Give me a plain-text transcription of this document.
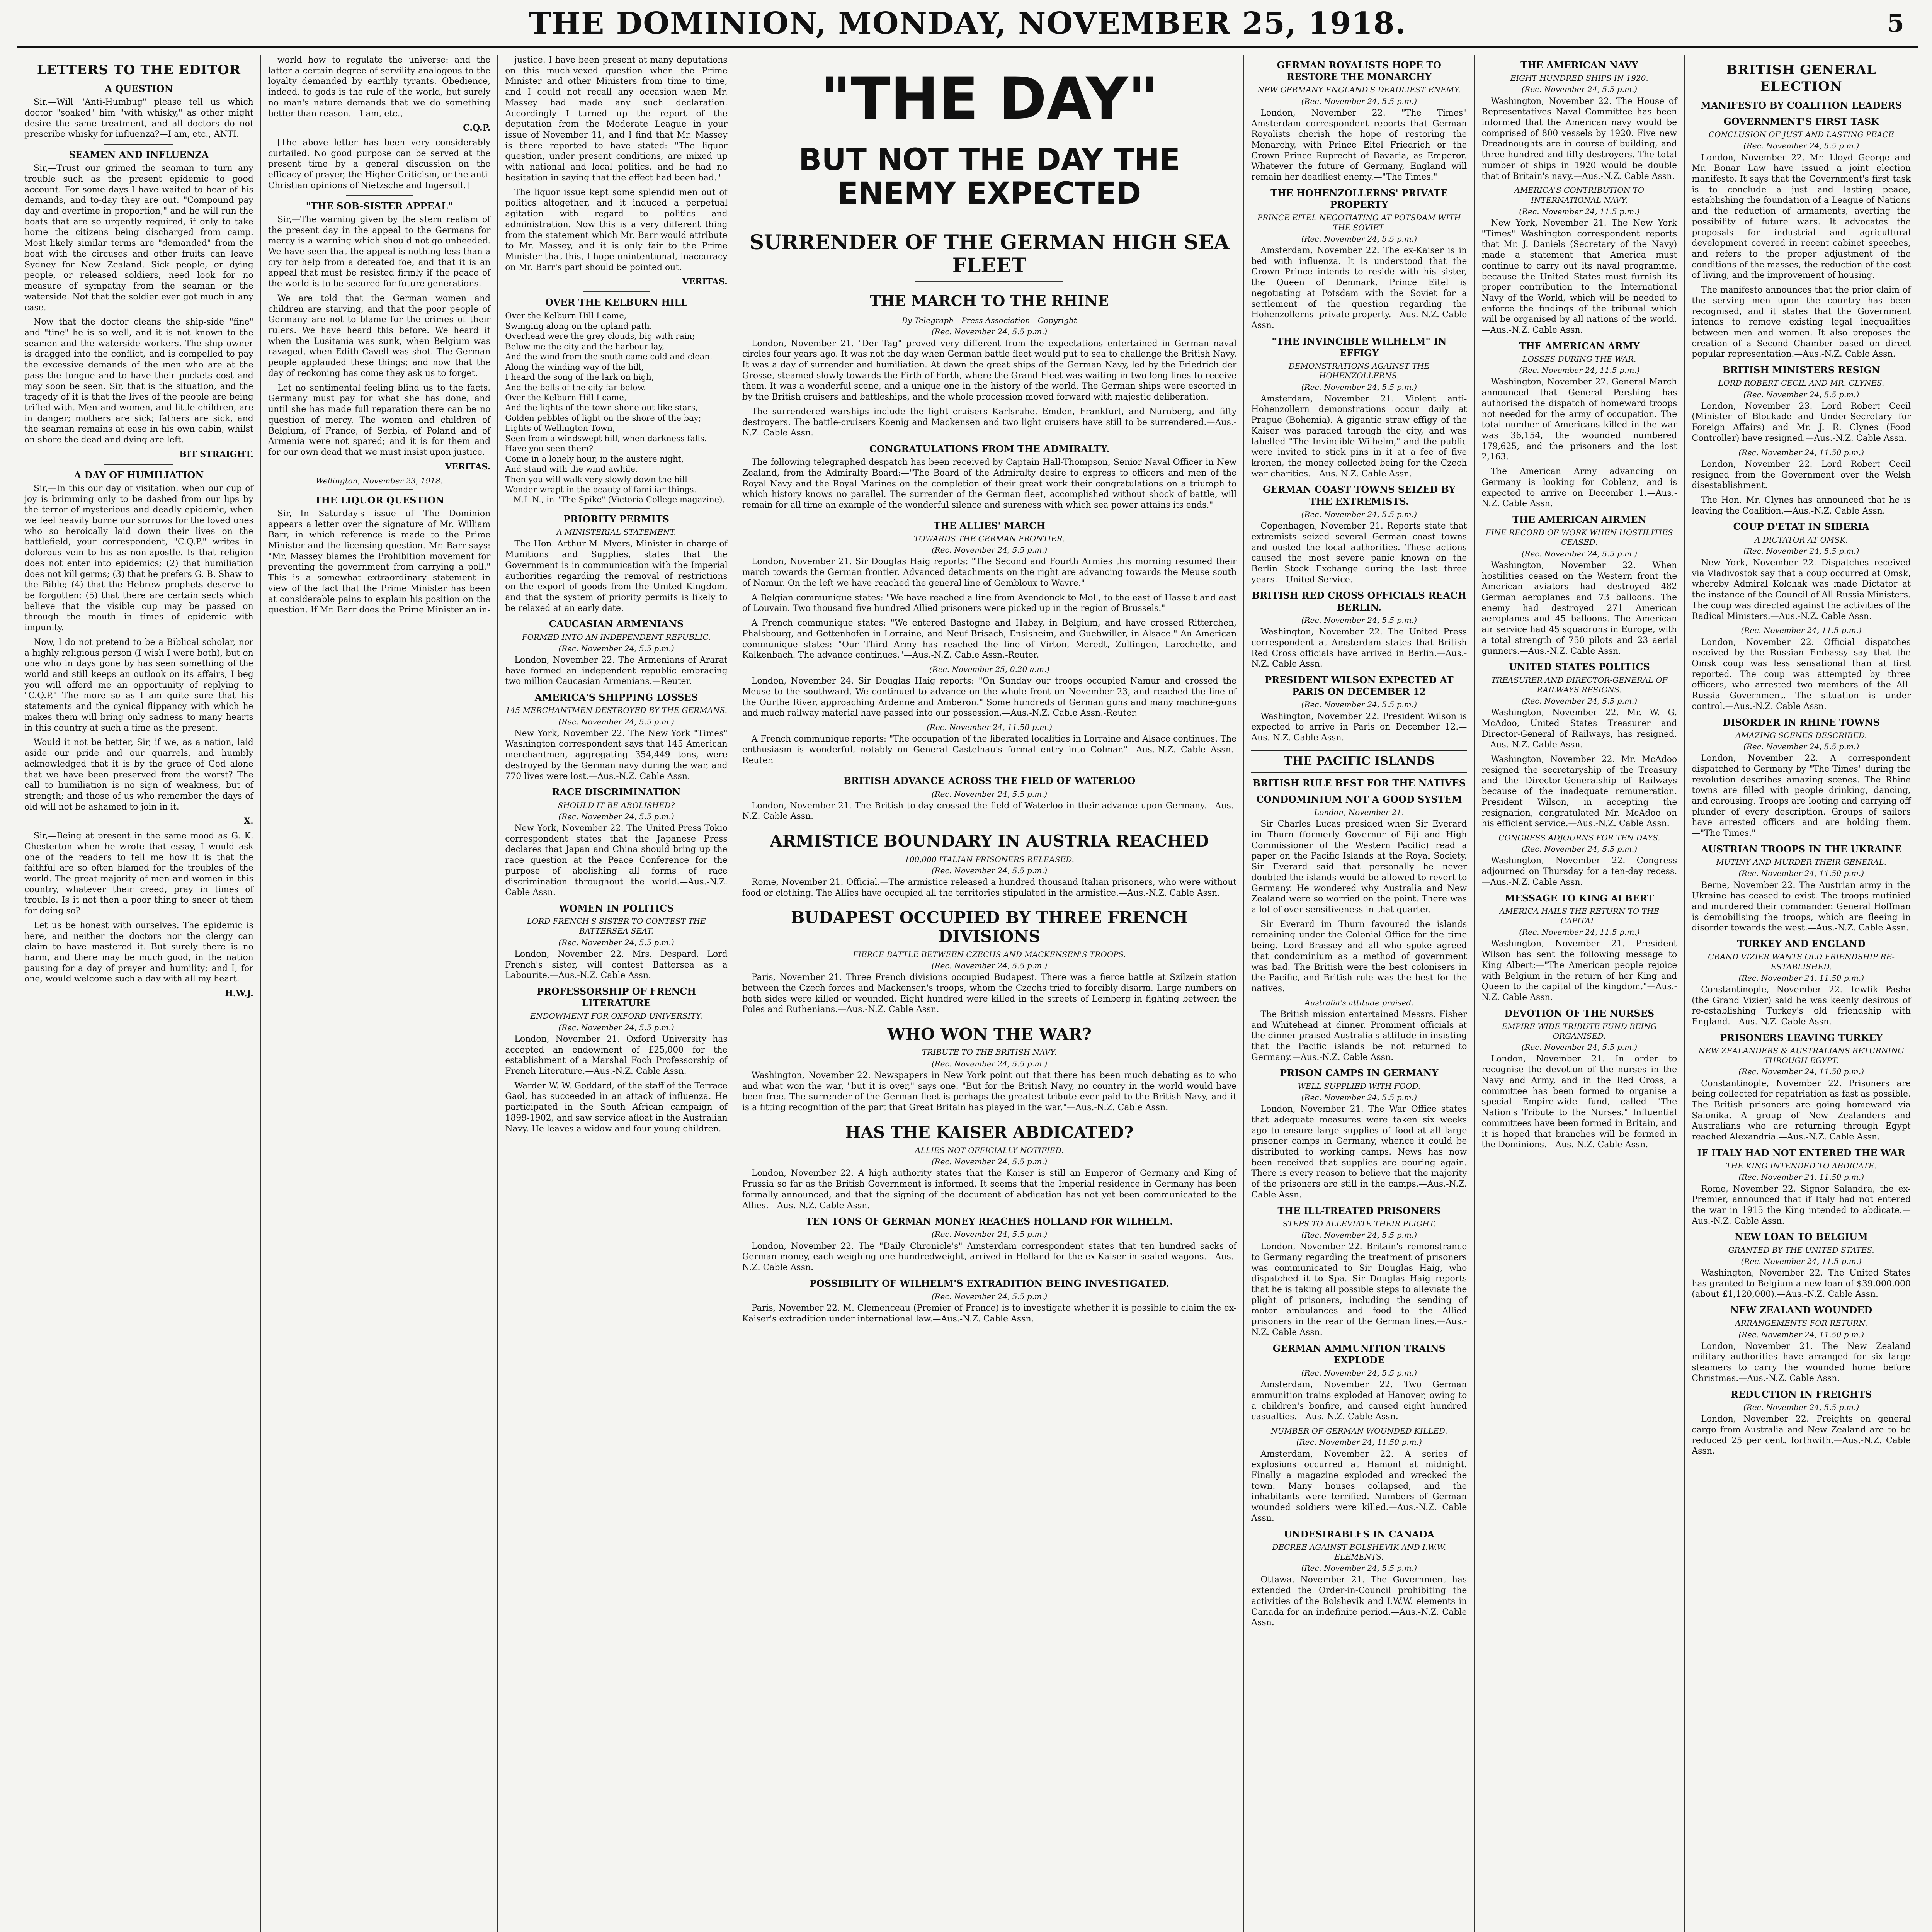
THE DOMINION, MONDAY, NOVEMBER 25, 1918.	5
LETTERS TO THE EDITOR
A QUESTION

Sir,—Will "Anti-Humbug" please tell us which doctor "soaked" him "with whisky," as other might desire the same treatment, and all doctors do not prescribe whisky for influenza?—I am, etc., ANTI.

SEAMEN AND INFLUENZA

Sir,—Trust our grimed the seaman to turn any trouble such as the present epidemic to good account. For some days I have waited to hear of his demands, and to-day they are out. "Compound pay day and overtime in proportion," and he will run the boats that are so urgently required, if only to take home the citizens being discharged from camp. Most likely similar terms are "demanded" from the boat with the circuses and other fruits can leave Sydney for New Zealand. Sick people, or dying people, or released soldiers, need look for no measure of sympathy from the seaman or the waterside. Not that the soldier ever got much in any case.

Now that the doctor cleans the ship-side "fine" and "tine" he is so well, and it is not known to the seamen and the waterside workers. The ship owner is dragged into the conflict, and is compelled to pay the excessive demands of the men who are at the pass the tongue and to have their pockets cost and may soon be seen. Sir, that is the situation, and the tragedy of it is that the lives of the people are being trifled with. Men and women, and little children, are in danger; mothers are sick; fathers are sick, and the seaman remains at ease in his own cabin, whilst on shore the dead and dying are left.

BIT STRAIGHT.
A DAY OF HUMILIATION

Sir,—In this our day of visitation, when our cup of joy is brimming only to be dashed from our lips by the terror of mysterious and deadly epidemic, when we feel heavily borne our sorrows for the loved ones who so heroically laid down their lives on the battlefield, your correspondent, "C.Q.P." writes in dolorous vein to his as non-apostle. Is that religion does not enter into epidemics; (2) that humiliation does not kill germs; (3) that he prefers G. B. Shaw to the Bible; (4) that the Hebrew prophets deserve to be forgotten; (5) that there are certain sects which believe that the visible cup may be passed on through the mouth in times of epidemic with impunity.

Now, I do not pretend to be a Biblical scholar, nor a highly religious person (I wish I were both), but on one who in days gone by has seen something of the world and still keeps an outlook on its affairs, I beg you will afford me an opportunity of replying to "C.Q.P." The more so as I am quite sure that his statements and the cynical flippancy with which he makes them will bring only sadness to many hearts in this country at such a time as the present.

Would it not be better, Sir, if we, as a nation, laid aside our pride and our quarrels, and humbly acknowledged that it is by the grace of God alone that we have been preserved from the worst? The call to humiliation is no sign of weakness, but of strength; and those of us who remember the days of old will not be ashamed to join in it.

X.

Sir,—Being at present in the same mood as G. K. Chesterton when he wrote that essay, I would ask one of the readers to tell me how it is that the faithful are so often blamed for the troubles of the world. The great majority of men and women in this country, whatever their creed, pray in times of trouble. Is it not then a poor thing to sneer at them for doing so?

Let us be honest with ourselves. The epidemic is here, and neither the doctors nor the clergy can claim to have mastered it. But surely there is no harm, and there may be much good, in the nation pausing for a day of prayer and humility; and I, for one, would welcome such a day with all my heart.

H.W.J.

world how to regulate the universe: and the latter a certain degree of servility analogous to the loyalty demanded by earthly tyrants. Obedience, indeed, to gods is the rule of the world, but surely no man's nature demands that we do something better than reason.—I am, etc.,

C.Q.P.

[The above letter has been very considerably curtailed. No good purpose can be served at the present time by a general discussion on the efficacy of prayer, the Higher Criticism, or the anti-Christian opinions of Nietzsche and Ingersoll.]

"THE SOB-SISTER APPEAL"

Sir,—The warning given by the stern realism of the present day in the appeal to the Germans for mercy is a warning which should not go unheeded. We have seen that the appeal is nothing less than a cry for help from a defeated foe, and that it is an appeal that must be resisted firmly if the peace of the world is to be secured for future generations.

We are told that the German women and children are starving, and that the poor people of Germany are not to blame for the crimes of their rulers. We have heard this before. We heard it when the Lusitania was sunk, when Belgium was ravaged, when Edith Cavell was shot. The German people applauded these things; and now that the day of reckoning has come they ask us to forget.

Let no sentimental feeling blind us to the facts. Germany must pay for what she has done, and until she has made full reparation there can be no question of mercy. The women and children of Belgium, of France, of Serbia, of Poland and of Armenia were not spared; and it is for them and for our own dead that we must insist upon justice.

VERITAS.
Wellington, November 23, 1918.
THE LIQUOR QUESTION

Sir,—In Saturday's issue of The Dominion appears a letter over the signature of Mr. William Barr, in which reference is made to the Prime Minister and the licensing question. Mr. Barr says: "Mr. Massey blames the Prohibition movement for preventing the government from carrying a poll." This is a somewhat extraordinary statement in view of the fact that the Prime Minister has been at considerable pains to explain his position on the question. If Mr. Barr does the Prime Minister an in-

justice. I have been present at many deputations on this much-vexed question when the Prime Minister and other Ministers from time to time, and I could not recall any occasion when Mr. Massey had made any such declaration. Accordingly I turned up the report of the deputation from the Moderate League in your issue of November 11, and I find that Mr. Massey is there reported to have stated: "The liquor question, under present conditions, are mixed up with national and local politics, and he had no hesitation in saying that the effect had been bad."

The liquor issue kept some splendid men out of politics altogether, and it induced a perpetual agitation with regard to politics and administration. Now this is a very different thing from the statement which Mr. Barr would attribute to Mr. Massey, and it is only fair to the Prime Minister that this, I hope unintentional, inaccuracy on Mr. Barr's part should be pointed out.

VERITAS.
OVER THE KELBURN HILL
Over the Kelburn Hill I came,
Swinging along on the upland path.
Overhead were the grey clouds, big with rain;
Below me the city and the harbour lay,
And the wind from the south came cold and clean.
Along the winding way of the hill,
I heard the song of the lark on high,
And the bells of the city far below.
Over the Kelburn Hill I came,
And the lights of the town shone out like stars,
Golden pebbles of light on the shore of the bay;
Lights of Wellington Town,
Seen from a windswept hill, when darkness falls.
Have you seen them?
Come in a lonely hour, in the austere night,
And stand with the wind awhile.
Then you will walk very slowly down the hill
Wonder-wrapt in the beauty of familiar things.
—M.L.N., in "The Spike" (Victoria College magazine).
PRIORITY PERMITS
A MINISTERIAL STATEMENT.

The Hon. Arthur M. Myers, Minister in charge of Munitions and Supplies, states that the Government is in communication with the Imperial authorities regarding the removal of restrictions on the export of goods from the United Kingdom, and that the system of priority permits is likely to be relaxed at an early date.

CAUCASIAN ARMENIANS
FORMED INTO AN INDEPENDENT REPUBLIC.
(Rec. November 24, 5.5 p.m.)

London, November 22. The Armenians of Ararat have formed an independent republic embracing two million Caucasian Armenians.—Reuter.

AMERICA'S SHIPPING LOSSES
145 MERCHANTMEN DESTROYED BY THE GERMANS.
(Rec. November 24, 5.5 p.m.)

New York, November 22. The New York "Times" Washington correspondent says that 145 American merchantmen, aggregating 354,449 tons, were destroyed by the German navy during the war, and 770 lives were lost.—Aus.-N.Z. Cable Assn.

RACE DISCRIMINATION
SHOULD IT BE ABOLISHED?
(Rec. November 24, 5.5 p.m.)

New York, November 22. The United Press Tokio correspondent states that the Japanese Press declares that Japan and China should bring up the race question at the Peace Conference for the purpose of abolishing all forms of race discrimination throughout the world.—Aus.-N.Z. Cable Assn.

WOMEN IN POLITICS
LORD FRENCH'S SISTER TO CONTEST THE BATTERSEA SEAT.
(Rec. November 24, 5.5 p.m.)

London, November 22. Mrs. Despard, Lord French's sister, will contest Battersea as a Labourite.—Aus.-N.Z. Cable Assn.

PROFESSORSHIP OF FRENCH LITERATURE
ENDOWMENT FOR OXFORD UNIVERSITY.
(Rec. November 24, 5.5 p.m.)

London, November 21. Oxford University has accepted an endowment of £25,000 for the establishment of a Marshal Foch Professorship of French Literature.—Aus.-N.Z. Cable Assn.

Warder W. W. Goddard, of the staff of the Terrace Gaol, has succeeded in an attack of influenza. He participated in the South African campaign of 1899-1902, and saw service afloat in the Australian Navy. He leaves a widow and four young children.

"THE DAY"
BUT NOT THE DAY THE ENEMY EXPECTED
SURRENDER OF THE GERMAN HIGH SEA FLEET
THE MARCH TO THE RHINE
By Telegraph—Press Association—Copyright
(Rec. November 24, 5.5 p.m.)

London, November 21. "Der Tag" proved very different from the expectations entertained in German naval circles four years ago. It was not the day when German battle fleet would put to sea to challenge the British Navy. It was a day of surrender and humiliation. At dawn the great ships of the German Navy, led by the Friedrich der Grosse, steamed slowly towards the Firth of Forth, where the Grand Fleet was waiting in two long lines to receive them. It was a wonderful scene, and a unique one in the history of the world. The German ships were escorted in by the British cruisers and battleships, and the whole procession moved forward with majestic deliberation.

The surrendered warships include the light cruisers Karlsruhe, Emden, Frankfurt, and Nurnberg, and fifty destroyers. The battle-cruisers Koenig and Mackensen and two light cruisers have still to be surrendered.—Aus.-N.Z. Cable Assn.

CONGRATULATIONS FROM THE ADMIRALTY.

The following telegraphed despatch has been received by Captain Hall-Thompson, Senior Naval Officer in New Zealand, from the Admiralty Board:—"The Board of the Admiralty desire to express to officers and men of the Royal Navy and the Royal Marines on the completion of their great work their congratulations on a triumph to which history knows no parallel. The surrender of the German fleet, accomplished without shock of battle, will remain for all time an example of the wonderful silence and sureness with which sea power attains its ends."

THE ALLIES' MARCH
TOWARDS THE GERMAN FRONTIER.
(Rec. November 24, 5.5 p.m.)

London, November 21. Sir Douglas Haig reports: "The Second and Fourth Armies this morning resumed their march towards the German frontier. Advanced detachments on the right are advancing towards the Meuse south of Namur. On the left we have reached the general line of Gembloux to Wavre."

A Belgian communique states: "We have reached a line from Avendonck to Moll, to the east of Hasselt and east of Louvain. Two thousand five hundred Allied prisoners were picked up in the region of Brussels."

A French communique states: "We entered Bastogne and Habay, in Belgium, and have crossed Ritterchen, Phalsbourg, and Gottenhofen in Lorraine, and Neuf Brisach, Ensisheim, and Guebwiller, in Alsace." An American communique states: "Our Third Army has reached the line of Virton, Meredt, Zolfingen, Larochette, and Kalkenbach. The advance continues."—Aus.-N.Z. Cable Assn.-Reuter.

(Rec. November 25, 0.20 a.m.)

London, November 24. Sir Douglas Haig reports: "On Sunday our troops occupied Namur and crossed the Meuse to the southward. We continued to advance on the whole front on November 23, and reached the line of the Ourthe River, approaching Ardenne and Amberon." Some hundreds of German guns and many machine-guns and much railway material have passed into our possession.—Aus.-N.Z. Cable Assn.-Reuter.

(Rec. November 24, 11.50 p.m.)

A French communique reports: "The occupation of the liberated localities in Lorraine and Alsace continues. The enthusiasm is wonderful, notably on General Castelnau's formal entry into Colmar."—Aus.-N.Z. Cable Assn.-Reuter.

BRITISH ADVANCE ACROSS THE FIELD OF WATERLOO
(Rec. November 24, 5.5 p.m.)

London, November 21. The British to-day crossed the field of Waterloo in their advance upon Germany.—Aus.-N.Z. Cable Assn.

ARMISTICE BOUNDARY IN AUSTRIA REACHED
100,000 ITALIAN PRISONERS RELEASED.
(Rec. November 24, 5.5 p.m.)

Rome, November 21. Official.—The armistice released a hundred thousand Italian prisoners, who were without food or clothing. The Allies have occupied all the territories stipulated in the armistice.—Aus.-N.Z. Cable Assn.

BUDAPEST OCCUPIED BY THREE FRENCH DIVISIONS
FIERCE BATTLE BETWEEN CZECHS AND MACKENSEN'S TROOPS.
(Rec. November 24, 5.5 p.m.)

Paris, November 21. Three French divisions occupied Budapest. There was a fierce battle at Szilzein station between the Czech forces and Mackensen's troops, whom the Czechs tried to forcibly disarm. Large numbers on both sides were killed or wounded. Eight hundred were killed in the streets of Lemberg in fighting between the Poles and Ruthenians.—Aus.-N.Z. Cable Assn.

WHO WON THE WAR?
TRIBUTE TO THE BRITISH NAVY.
(Rec. November 24, 5.5 p.m.)

Washington, November 22. Newspapers in New York point out that there has been much debating as to who and what won the war, "but it is over," says one. "But for the British Navy, no country in the world would have been free. The surrender of the German fleet is perhaps the greatest tribute ever paid to the British Navy, and it is a fitting recognition of the part that Great Britain has played in the war."—Aus.-N.Z. Cable Assn.

HAS THE KAISER ABDICATED?
ALLIES NOT OFFICIALLY NOTIFIED.
(Rec. November 24, 5.5 p.m.)

London, November 22. A high authority states that the Kaiser is still an Emperor of Germany and King of Prussia so far as the British Government is informed. It seems that the Imperial residence in Germany has been formally announced, and that the signing of the document of abdication has not yet been communicated to the Allies.—Aus.-N.Z. Cable Assn.

TEN TONS OF GERMAN MONEY REACHES HOLLAND FOR WILHELM.
(Rec. November 24, 5.5 p.m.)

London, November 22. The "Daily Chronicle's" Amsterdam correspondent states that ten hundred sacks of German money, each weighing one hundredweight, arrived in Holland for the ex-Kaiser in sealed wagons.—Aus.-N.Z. Cable Assn.

POSSIBILITY OF WILHELM'S EXTRADITION BEING INVESTIGATED.
(Rec. November 24, 5.5 p.m.)

Paris, November 22. M. Clemenceau (Premier of France) is to investigate whether it is possible to claim the ex-Kaiser's extradition under international law.—Aus.-N.Z. Cable Assn.

GERMAN ROYALISTS HOPE TO RESTORE THE MONARCHY
NEW GERMANY ENGLAND'S DEADLIEST ENEMY.
(Rec. November 24, 5.5 p.m.)

London, November 22. "The Times" Amsterdam correspondent reports that German Royalists cherish the hope of restoring the Monarchy, with Prince Eitel Friedrich or the Crown Prince Ruprecht of Bavaria, as Emperor. Whatever the future of Germany, England will remain her deadliest enemy.—"The Times."

THE HOHENZOLLERNS' PRIVATE PROPERTY
PRINCE EITEL NEGOTIATING AT POTSDAM WITH THE SOVIET.
(Rec. November 24, 5.5 p.m.)

Amsterdam, November 22. The ex-Kaiser is in bed with influenza. It is understood that the Crown Prince intends to reside with his sister, the Queen of Denmark. Prince Eitel is negotiating at Potsdam with the Soviet for a settlement of the question regarding the Hohenzollerns' private property.—Aus.-N.Z. Cable Assn.

"THE INVINCIBLE WILHELM" IN EFFIGY
DEMONSTRATIONS AGAINST THE HOHENZOLLERNS.
(Rec. November 24, 5.5 p.m.)

Amsterdam, November 21. Violent anti-Hohenzollern demonstrations occur daily at Prague (Bohemia). A gigantic straw effigy of the Kaiser was paraded through the city, and was labelled "The Invincible Wilhelm," and the public were invited to stick pins in it at a fee of five kronen, the money collected being for the Czech war charities.—Aus.-N.Z. Cable Assn.

GERMAN COAST TOWNS SEIZED BY THE EXTREMISTS.
(Rec. November 24, 5.5 p.m.)

Copenhagen, November 21. Reports state that extremists seized several German coast towns and ousted the local authorities. These actions caused the most severe panic known on the Berlin Stock Exchange during the last three years.—United Service.

BRITISH RED CROSS OFFICIALS REACH BERLIN.
(Rec. November 24, 5.5 p.m.)

Washington, November 22. The United Press correspondent at Amsterdam states that British Red Cross officials have arrived in Berlin.—Aus.-N.Z. Cable Assn.

PRESIDENT WILSON EXPECTED AT PARIS ON DECEMBER 12
(Rec. November 24, 5.5 p.m.)

Washington, November 22. President Wilson is expected to arrive in Paris on December 12.—Aus.-N.Z. Cable Assn.

THE PACIFIC ISLANDS
BRITISH RULE BEST FOR THE NATIVES
CONDOMINIUM NOT A GOOD SYSTEM
London, November 21.

Sir Charles Lucas presided when Sir Everard im Thurn (formerly Governor of Fiji and High Commissioner of the Western Pacific) read a paper on the Pacific Islands at the Royal Society. Sir Everard said that personally he never doubted the islands would be allowed to revert to Germany. He wondered why Australia and New Zealand were so worried on the point. There was a lot of over-sensitiveness in that quarter.

Sir Everard im Thurn favoured the islands remaining under the Colonial Office for the time being. Lord Brassey and all who spoke agreed that condominium as a method of government was bad. The British were the best colonisers in the Pacific, and British rule was the best for the natives.

Australia's attitude praised.

The British mission entertained Messrs. Fisher and Whitehead at dinner. Prominent officials at the dinner praised Australia's attitude in insisting that the Pacific islands be not returned to Germany.—Aus.-N.Z. Cable Assn.

PRISON CAMPS IN GERMANY
WELL SUPPLIED WITH FOOD.
(Rec. November 24, 5.5 p.m.)

London, November 21. The War Office states that adequate measures were taken six weeks ago to ensure large supplies of food at all large prisoner camps in Germany, whence it could be distributed to working camps. News has now been received that supplies are pouring again. There is every reason to believe that the majority of the prisoners are still in the camps.—Aus.-N.Z. Cable Assn.

THE ILL-TREATED PRISONERS
STEPS TO ALLEVIATE THEIR PLIGHT.
(Rec. November 24, 5.5 p.m.)

London, November 22. Britain's remonstrance to Germany regarding the treatment of prisoners was communicated to Sir Douglas Haig, who dispatched it to Spa. Sir Douglas Haig reports that he is taking all possible steps to alleviate the plight of prisoners, including the sending of motor ambulances and food to the Allied prisoners in the rear of the German lines.—Aus.-N.Z. Cable Assn.

GERMAN AMMUNITION TRAINS EXPLODE
(Rec. November 24, 5.5 p.m.)

Amsterdam, November 22. Two German ammunition trains exploded at Hanover, owing to a children's bonfire, and caused eight hundred casualties.—Aus.-N.Z. Cable Assn.

NUMBER OF GERMAN WOUNDED KILLED.
(Rec. November 24, 11.50 p.m.)

Amsterdam, November 22. A series of explosions occurred at Hamont at midnight. Finally a magazine exploded and wrecked the town. Many houses collapsed, and the inhabitants were terrified. Numbers of German wounded soldiers were killed.—Aus.-N.Z. Cable Assn.

UNDESIRABLES IN CANADA
DECREE AGAINST BOLSHEVIK AND I.W.W. ELEMENTS.
(Rec. November 24, 5.5 p.m.)

Ottawa, November 21. The Government has extended the Order-in-Council prohibiting the activities of the Bolshevik and I.W.W. elements in Canada for an indefinite period.—Aus.-N.Z. Cable Assn.

THE AMERICAN NAVY
EIGHT HUNDRED SHIPS IN 1920.
(Rec. November 24, 5.5 p.m.)

Washington, November 22. The House of Representatives Naval Committee has been informed that the American navy would be comprised of 800 vessels by 1920. Five new Dreadnoughts are in course of building, and three hundred and fifty destroyers. The total number of ships in 1920 would be double that of Britain's navy.—Aus.-N.Z. Cable Assn.

AMERICA'S CONTRIBUTION TO INTERNATIONAL NAVY.
(Rec. November 24, 11.5 p.m.)

New York, November 21. The New York "Times" Washington correspondent reports that Mr. J. Daniels (Secretary of the Navy) made a statement that America must continue to carry out its naval programme, because the United States must furnish its proper contribution to the International Navy of the World, which will be needed to enforce the findings of the tribunal which will be organised by all nations of the world.—Aus.-N.Z. Cable Assn.

THE AMERICAN ARMY
LOSSES DURING THE WAR.
(Rec. November 24, 11.5 p.m.)

Washington, November 22. General March announced that General Pershing has authorised the dispatch of homeward troops not needed for the army of occupation. The total number of Americans killed in the war was 36,154, the wounded numbered 179,625, and the prisoners and the lost 2,163.

The American Army advancing on Germany is looking for Coblenz, and is expected to arrive on December 1.—Aus.-N.Z. Cable Assn.

THE AMERICAN AIRMEN
FINE RECORD OF WORK WHEN HOSTILITIES CEASED.
(Rec. November 24, 5.5 p.m.)

Washington, November 22. When hostilities ceased on the Western front the American aviators had destroyed 482 German aeroplanes and 73 balloons. The enemy had destroyed 271 American aeroplanes and 45 balloons. The American air service had 45 squadrons in Europe, with a total strength of 750 pilots and 23 aerial gunners.—Aus.-N.Z. Cable Assn.

UNITED STATES POLITICS
TREASURER AND DIRECTOR-GENERAL OF RAILWAYS RESIGNS.
(Rec. November 24, 5.5 p.m.)

Washington, November 22. Mr. W. G. McAdoo, United States Treasurer and Director-General of Railways, has resigned.—Aus.-N.Z. Cable Assn.

Washington, November 22. Mr. McAdoo resigned the secretaryship of the Treasury and the Director-Generalship of Railways because of the inadequate remuneration. President Wilson, in accepting the resignation, congratulated Mr. McAdoo on his efficient service.—Aus.-N.Z. Cable Assn.

CONGRESS ADJOURNS FOR TEN DAYS.
(Rec. November 24, 5.5 p.m.)

Washington, November 22. Congress adjourned on Thursday for a ten-day recess.—Aus.-N.Z. Cable Assn.

MESSAGE TO KING ALBERT
AMERICA HAILS THE RETURN TO THE CAPITAL.
(Rec. November 24, 11.5 p.m.)

Washington, November 21. President Wilson has sent the following message to King Albert:—"The American people rejoice with Belgium in the return of her King and Queen to the capital of the kingdom."—Aus.-N.Z. Cable Assn.

DEVOTION OF THE NURSES
EMPIRE-WIDE TRIBUTE FUND BEING ORGANISED.
(Rec. November 24, 5.5 p.m.)

London, November 21. In order to recognise the devotion of the nurses in the Navy and Army, and in the Red Cross, a committee has been formed to organise a special Empire-wide fund, called "The Nation's Tribute to the Nurses." Influential committees have been formed in Britain, and it is hoped that branches will be formed in the Dominions.—Aus.-N.Z. Cable Assn.

BRITISH GENERAL ELECTION
MANIFESTO BY COALITION LEADERS
GOVERNMENT'S FIRST TASK
CONCLUSION OF JUST AND LASTING PEACE
(Rec. November 24, 5.5 p.m.)

London, November 22. Mr. Lloyd George and Mr. Bonar Law have issued a joint election manifesto. It says that the Government's first task is to conclude a just and lasting peace, establishing the foundation of a League of Nations and the reduction of armaments, averting the possibility of future wars. It advocates the proposals for industrial and agricultural development covered in recent cabinet speeches, and refers to the proper adjustment of the conditions of the masses, the reduction of the cost of living, and the improvement of housing.

The manifesto announces that the prior claim of the serving men upon the country has been recognised, and it states that the Government intends to remove existing legal inequalities between men and women. It also proposes the creation of a Second Chamber based on direct popular representation.—Aus.-N.Z. Cable Assn.

BRITISH MINISTERS RESIGN
LORD ROBERT CECIL AND MR. CLYNES.
(Rec. November 24, 5.5 p.m.)

London, November 23. Lord Robert Cecil (Minister of Blockade and Under-Secretary for Foreign Affairs) and Mr. J. R. Clynes (Food Controller) have resigned.—Aus.-N.Z. Cable Assn.

(Rec. November 24, 11.50 p.m.)

London, November 22. Lord Robert Cecil resigned from the Government over the Welsh disestablishment.

The Hon. Mr. Clynes has announced that he is leaving the Coalition.—Aus.-N.Z. Cable Assn.

COUP D'ETAT IN SIBERIA
A DICTATOR AT OMSK.
(Rec. November 24, 5.5 p.m.)

New York, November 22. Dispatches received via Vladivostok say that a coup occurred at Omsk, whereby Admiral Kolchak was made Dictator at the instance of the Council of All-Russia Ministers. The coup was directed against the activities of the Radical Ministers.—Aus.-N.Z. Cable Assn.

(Rec. November 24, 11.5 p.m.)

London, November 22. Official dispatches received by the Russian Embassy say that the Omsk coup was less sensational than at first reported. The coup was attempted by three officers, who arrested two members of the All-Russia Government. The situation is under control.—Aus.-N.Z. Cable Assn.

DISORDER IN RHINE TOWNS
AMAZING SCENES DESCRIBED.
(Rec. November 24, 5.5 p.m.)

London, November 22. A correspondent dispatched to Germany by "The Times" during the revolution describes amazing scenes. The Rhine towns are filled with people drinking, dancing, and carousing. Troops are looting and carrying off plunder of every description. Groups of sailors have arrested officers and are holding them.—"The Times."

AUSTRIAN TROOPS IN THE UKRAINE
MUTINY AND MURDER THEIR GENERAL.
(Rec. November 24, 11.50 p.m.)

Berne, November 22. The Austrian army in the Ukraine has ceased to exist. The troops mutinied and murdered their commander. General Hoffman is demobilising the troops, which are fleeing in disorder towards the west.—Aus.-N.Z. Cable Assn.

TURKEY AND ENGLAND
GRAND VIZIER WANTS OLD FRIENDSHIP RE-ESTABLISHED.
(Rec. November 24, 11.50 p.m.)

Constantinople, November 22. Tewfik Pasha (the Grand Vizier) said he was keenly desirous of re-establishing Turkey's old friendship with England.—Aus.-N.Z. Cable Assn.

PRISONERS LEAVING TURKEY
NEW ZEALANDERS & AUSTRALIANS RETURNING THROUGH EGYPT.
(Rec. November 24, 11.50 p.m.)

Constantinople, November 22. Prisoners are being collected for repatriation as fast as possible. The British prisoners are going homeward via Salonika. A group of New Zealanders and Australians who are returning through Egypt reached Alexandria.—Aus.-N.Z. Cable Assn.

IF ITALY HAD NOT ENTERED THE WAR
THE KING INTENDED TO ABDICATE.
(Rec. November 24, 11.50 p.m.)

Rome, November 22. Signor Salandra, the ex-Premier, announced that if Italy had not entered the war in 1915 the King intended to abdicate.—Aus.-N.Z. Cable Assn.

NEW LOAN TO BELGIUM
GRANTED BY THE UNITED STATES.
(Rec. November 24, 11.5 p.m.)

Washington, November 22. The United States has granted to Belgium a new loan of $39,000,000 (about £1,120,000).—Aus.-N.Z. Cable Assn.

NEW ZEALAND WOUNDED
ARRANGEMENTS FOR RETURN.
(Rec. November 24, 11.50 p.m.)

London, November 21. The New Zealand military authorities have arranged for six large steamers to carry the wounded home before Christmas.—Aus.-N.Z. Cable Assn.

REDUCTION IN FREIGHTS
(Rec. November 24, 5.5 p.m.)

London, November 22. Freights on general cargo from Australia and New Zealand are to be reduced 25 per cent. forthwith.—Aus.-N.Z. Cable Assn.
